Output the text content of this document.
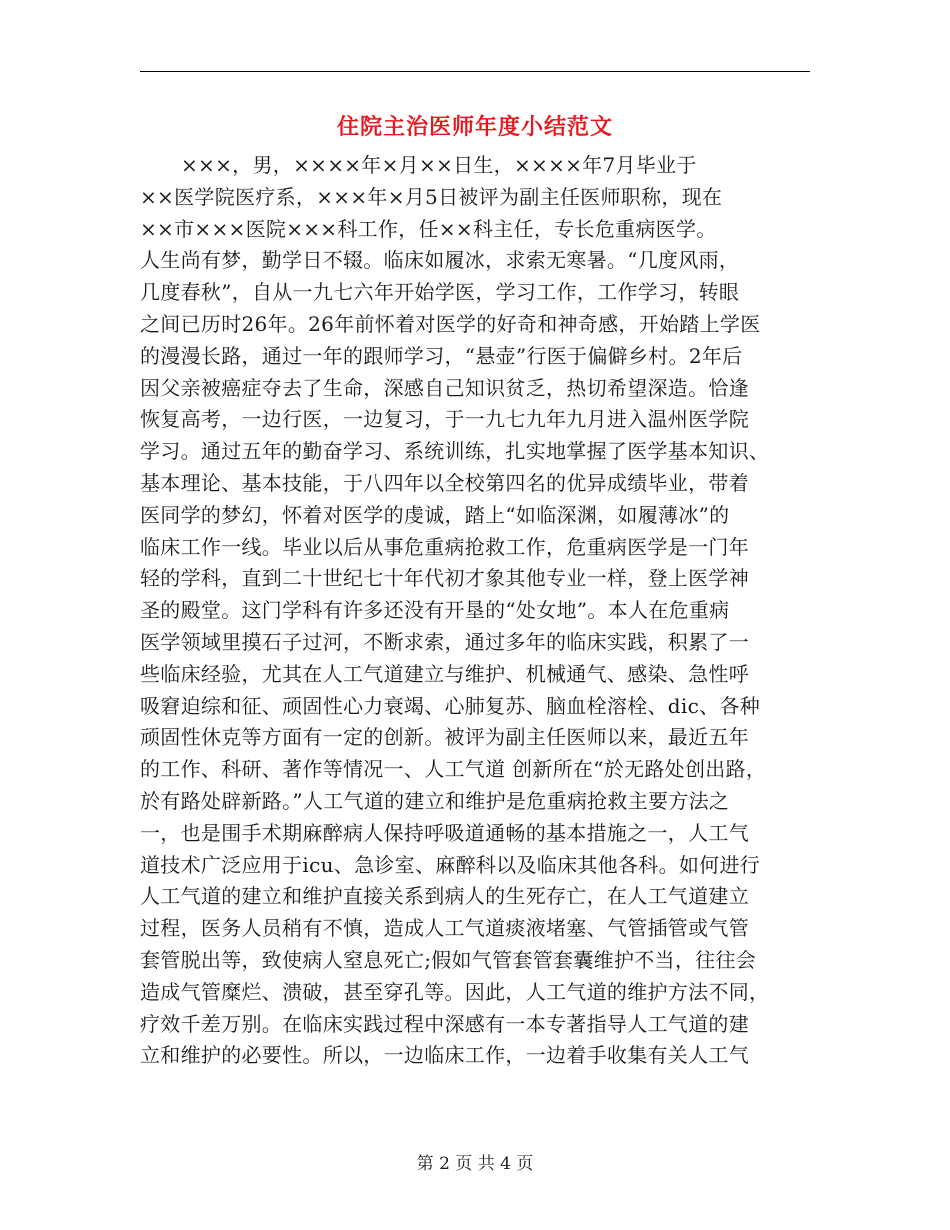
住院主治医师年度小结范文
×××，男，××××年×月××日生，××××年7月毕业于
××医学院医疗系，×××年×月5日被评为副主任医师职称，现在
××市×××医院×××科工作，任××科主任，专长危重病医学。
人生尚有梦，勤学日不辍。临床如履冰，求索无寒暑。“几度风雨，
几度春秋”，自从一九七六年开始学医，学习工作，工作学习，转眼
之间已历时26年。26年前怀着对医学的好奇和神奇感，开始踏上学医
的漫漫长路，通过一年的跟师学习，“悬壶”行医于偏僻乡村。2年后
因父亲被癌症夺去了生命，深感自己知识贫乏，热切希望深造。恰逢
恢复高考，一边行医，一边复习，于一九七九年九月进入温州医学院
学习。通过五年的勤奋学习、系统训练，扎实地掌握了医学基本知识、
基本理论、基本技能，于八四年以全校第四名的优异成绩毕业，带着
医同学的梦幻，怀着对医学的虔诚，踏上“如临深渊，如履薄冰”的
临床工作一线。毕业以后从事危重病抢救工作，危重病医学是一门年
轻的学科，直到二十世纪七十年代初才象其他专业一样，登上医学神
圣的殿堂。这门学科有许多还没有开垦的“处女地”。本人在危重病
医学领域里摸石子过河，不断求索，通过多年的临床实践，积累了一
些临床经验，尤其在人工气道建立与维护、机械通气、感染、急性呼
吸窘迫综和征、顽固性心力衰竭、心肺复苏、脑血栓溶栓、dic、各种
顽固性休克等方面有一定的创新。被评为副主任医师以来，最近五年
的工作、科研、著作等情况一、人工气道 创新所在“於无路处创出路，
於有路处辟新路。”人工气道的建立和维护是危重病抢救主要方法之
一，也是围手术期麻醉病人保持呼吸道通畅的基本措施之一，人工气
道技术广泛应用于icu、急诊室、麻醉科以及临床其他各科。如何进行
人工气道的建立和维护直接关系到病人的生死存亡，在人工气道建立
过程，医务人员稍有不慎，造成人工气道痰液堵塞、气管插管或气管
套管脱出等，致使病人窒息死亡;假如气管套管套囊维护不当，往往会
造成气管糜烂、溃破，甚至穿孔等。因此，人工气道的维护方法不同，
疗效千差万别。在临床实践过程中深感有一本专著指导人工气道的建
立和维护的必要性。所以，一边临床工作，一边着手收集有关人工气
第 2 页 共 4 页
